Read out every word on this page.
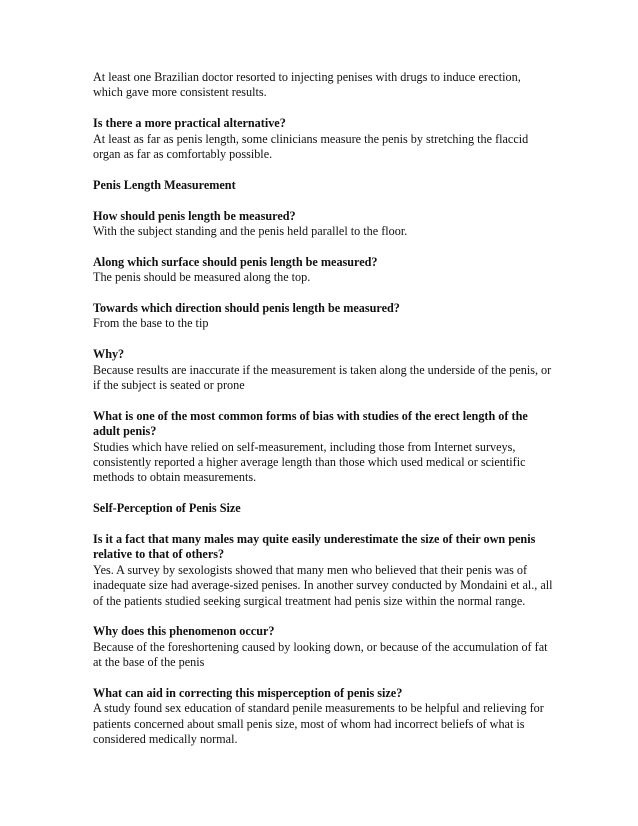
At least one Brazilian doctor resorted to injecting penises with drugs to induce erection, which gave more consistent results.

Is there a more practical alternative?
At least as far as penis length, some clinicians measure the penis by stretching the flaccid organ as far as comfortably possible.
Penis Length Measurement
How should penis length be measured?
With the subject standing and the penis held parallel to the floor.
Along which surface should penis length be measured?
The penis should be measured along the top.
Towards which direction should penis length be measured?
From the base to the tip
Why?
Because results are inaccurate if the measurement is taken along the underside of the penis, or if the subject is seated or prone
What is one of the most common forms of bias with studies of the erect length of the adult penis?
Studies which have relied on self-measurement, including those from Internet surveys, consistently reported a higher average length than those which used medical or scientific methods to obtain measurements.
Self-Perception of Penis Size
Is it a fact that many males may quite easily underestimate the size of their own penis relative to that of others?
Yes. A survey by sexologists showed that many men who believed that their penis was of inadequate size had average-sized penises. In another survey conducted by Mondaini et al., all of the patients studied seeking surgical treatment had penis size within the normal range.
Why does this phenomenon occur?
Because of the foreshortening caused by looking down, or because of the accumulation of fat at the base of the penis
What can aid in correcting this misperception of penis size?
A study found sex education of standard penile measurements to be helpful and relieving for patients concerned about small penis size, most of whom had incorrect beliefs of what is considered medically normal.
